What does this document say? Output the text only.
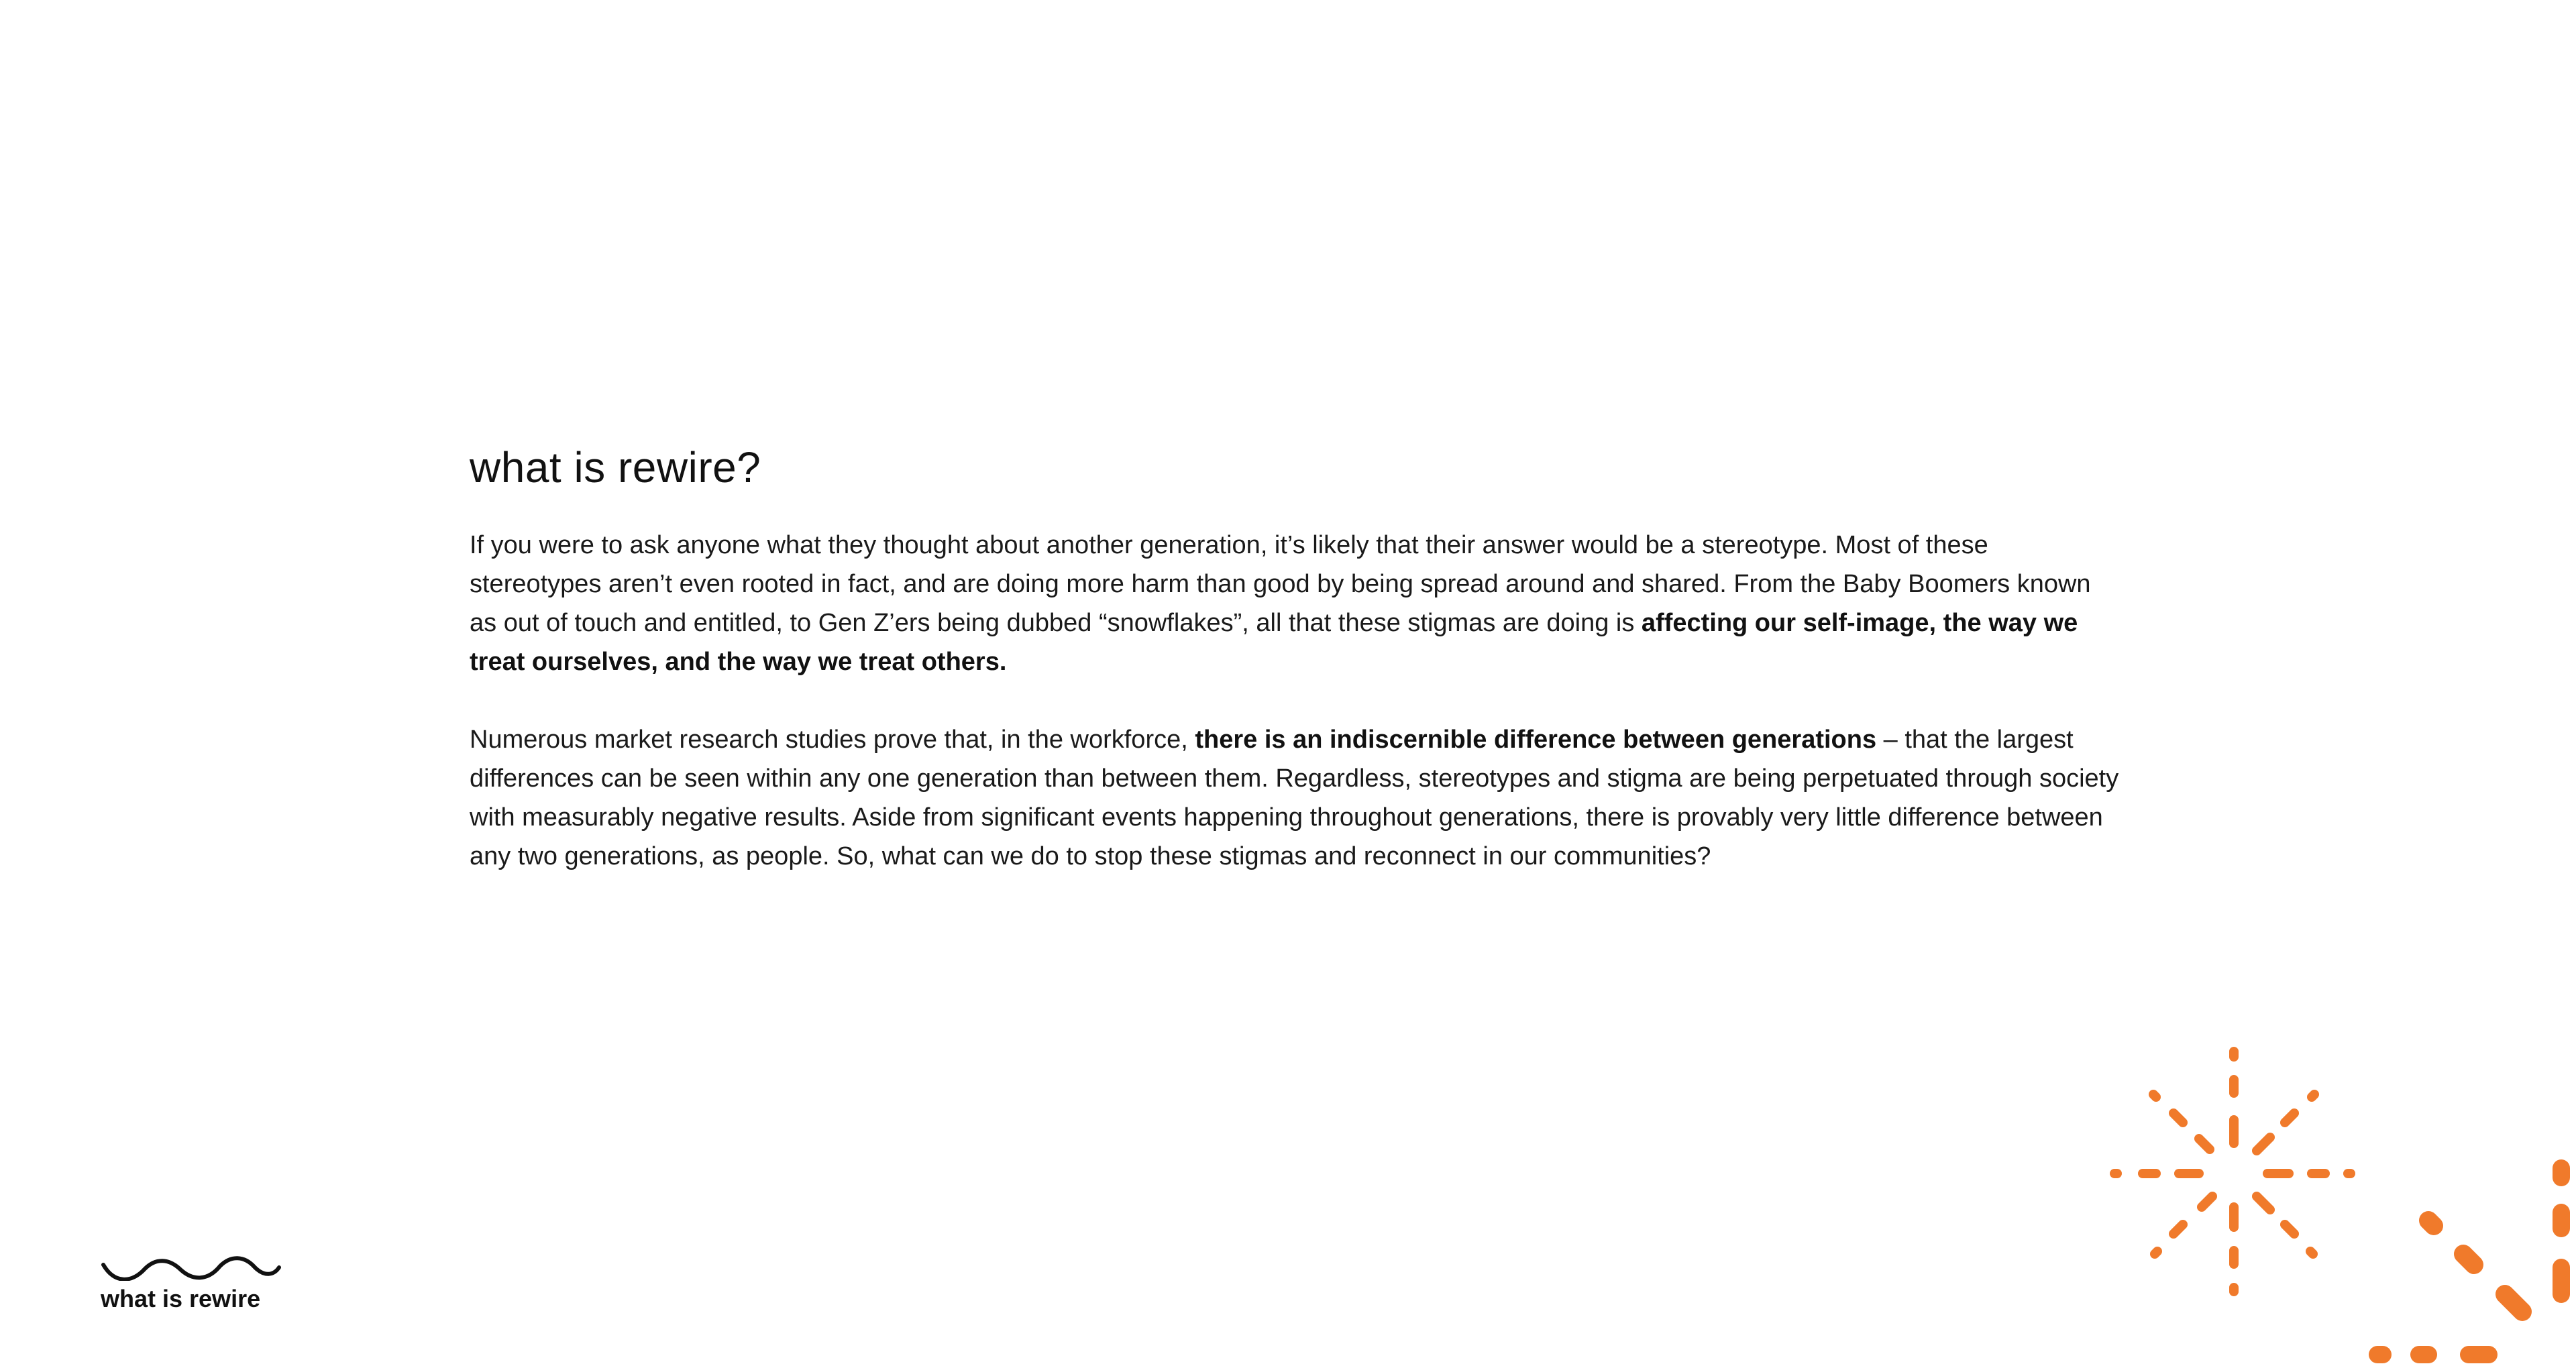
what is rewire?

If you were to ask anyone what they thought about another generation, it’s likely that their answer would be a stereotype. Most of these stereotypes aren’t even rooted in fact, and are doing more harm than good by being spread around and shared. From the Baby Boomers known as out of touch and entitled, to Gen Z’ers being dubbed “snowflakes”, all that these stigmas are doing is affecting our self-image, the way we treat ourselves, and the way we treat others.

Numerous market research studies prove that, in the workforce, there is an indiscernible difference between generations – that the largest differences can be seen within any one generation than between them. Regardless, stereotypes and stigma are being perpetuated through society with measurably negative results. Aside from significant events happening throughout generations, there is provably very little difference between any two generations, as people. So, what can we do to stop these stigmas and reconnect in our communities?

what is rewire
